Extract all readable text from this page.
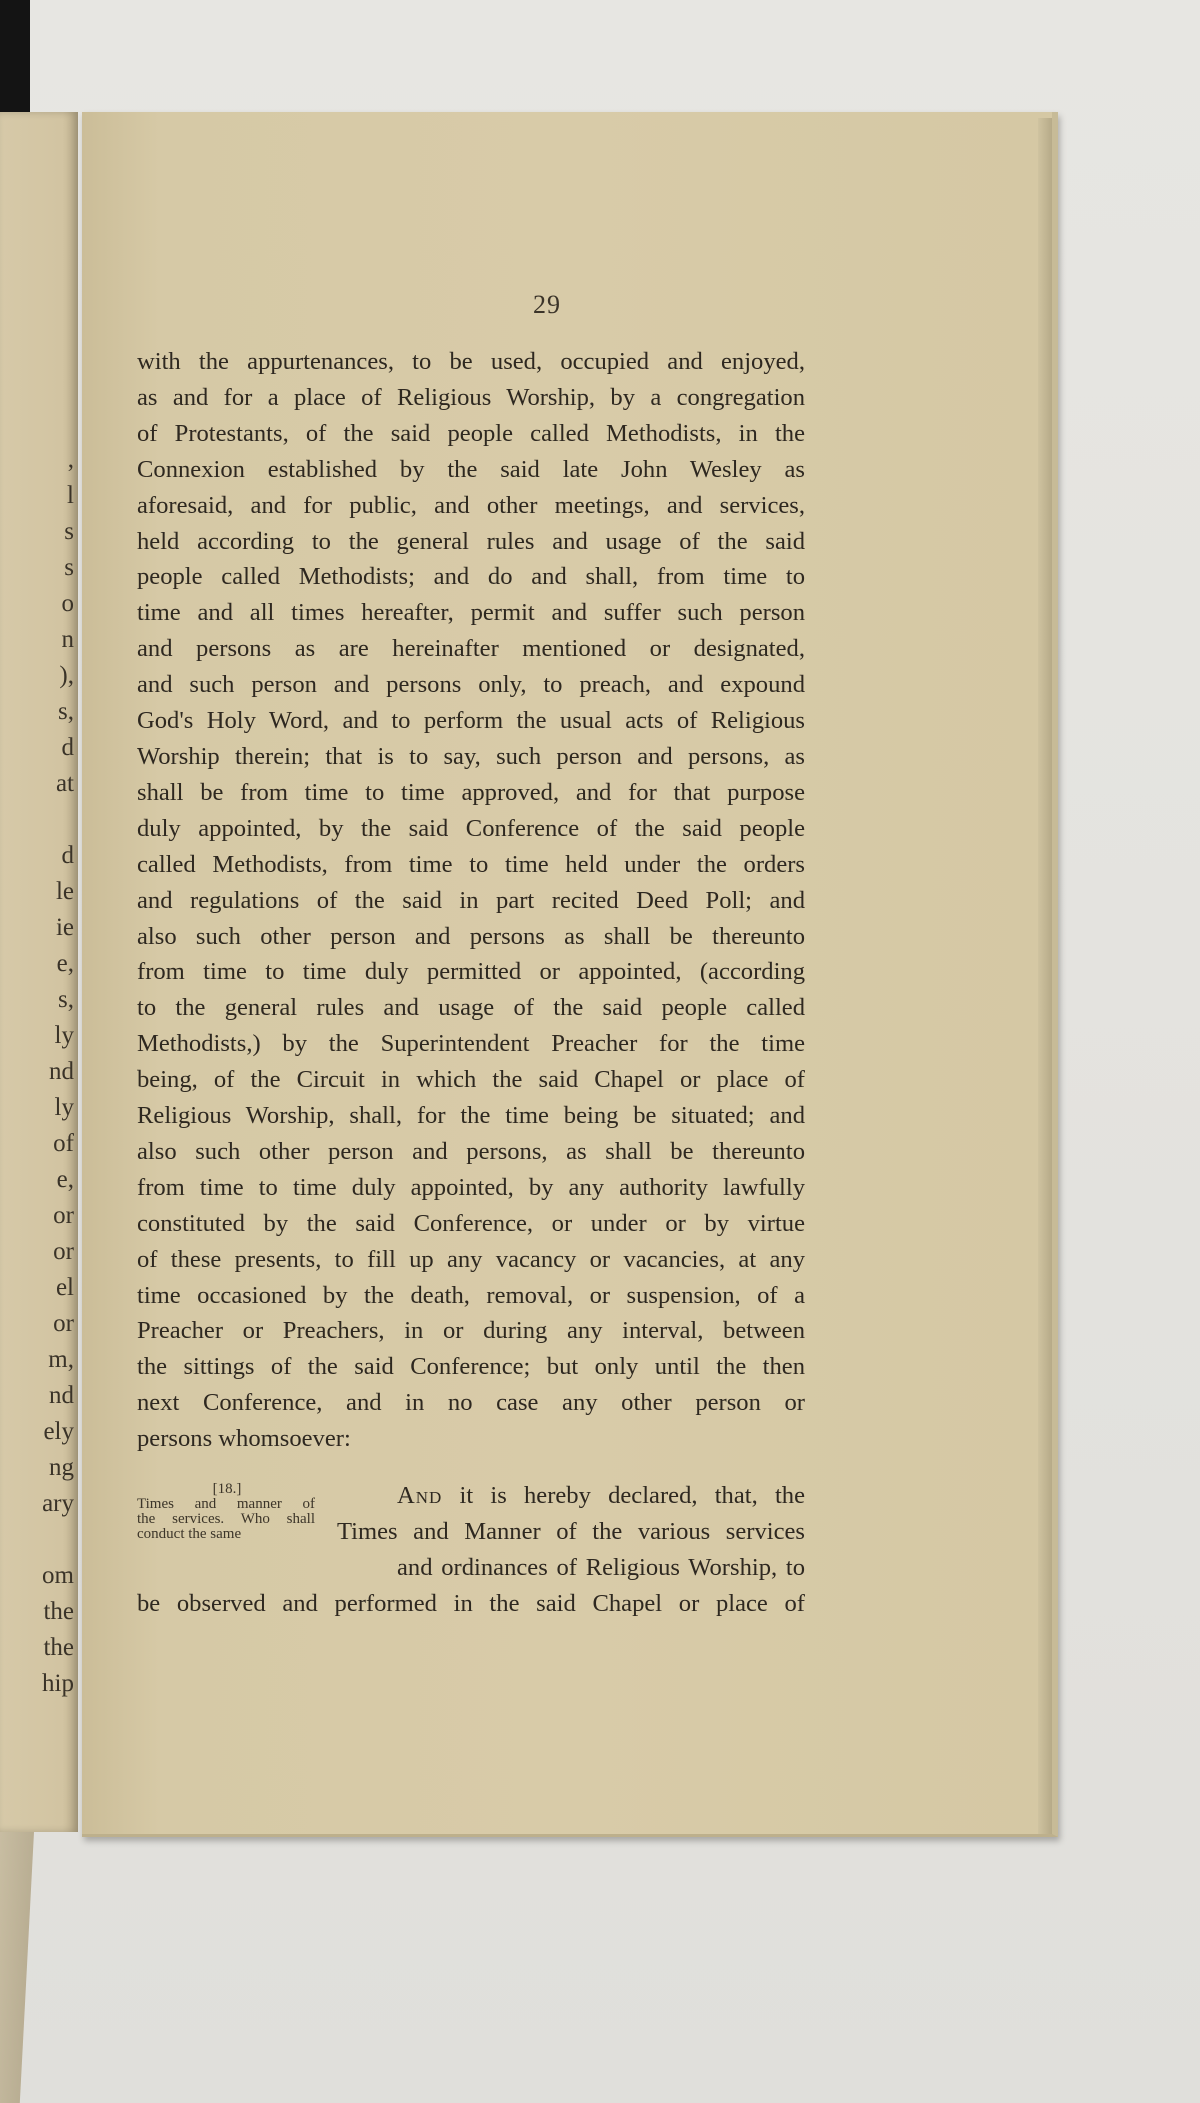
,
l
s
s
o
n
),
s,
d
at

d
le
ie
e,
s,
ly
nd
ly
of
e,
or
or
el
or
m,
nd
ely
ng
ary

om
the
the
hip
29
with the appurtenances, to be used, occupied and enjoyed,
as and for a place of Religious Worship, by a congregation
of Protestants, of the said people called Methodists, in the
Connexion established by the said late John Wesley as
aforesaid, and for public, and other meetings, and services,
held according to the general rules and usage of the said
people called Methodists; and do and shall, from time to
time and all times hereafter, permit and suffer such person
and persons as are hereinafter mentioned or designated,
and such person and persons only, to preach, and expound
God's Holy Word, and to perform the usual acts of Religious
Worship therein; that is to say, such person and persons, as
shall be from time to time approved, and for that purpose
duly appointed, by the said Conference of the said people
called Methodists, from time to time held under the orders
and regulations of the said in part recited Deed Poll; and
also such other person and persons as shall be thereunto
from time to time duly permitted or appointed, (according
to the general rules and usage of the said people called
Methodists,) by the Superintendent Preacher for the time
being, of the Circuit in which the said Chapel or place of
Religious Worship, shall, for the time being be situated; and
also such other person and persons, as shall be thereunto
from time to time duly appointed, by any authority lawfully
constituted by the said Conference, or under or by virtue
of these presents, to fill up any vacancy or vacancies, at any
time occasioned by the death, removal, or suspension, of a
Preacher or Preachers, in or during any interval, between
the sittings of the said Conference; but only until the then
next Conference, and in no case any other person or
persons whomsoever:
[18.]
Times and manner of
the services. Who shall
conduct the same
And it is hereby declared, that, the
Times and Manner of the various services
and ordinances of Religious Worship, to
be observed and performed in the said Chapel or place of
